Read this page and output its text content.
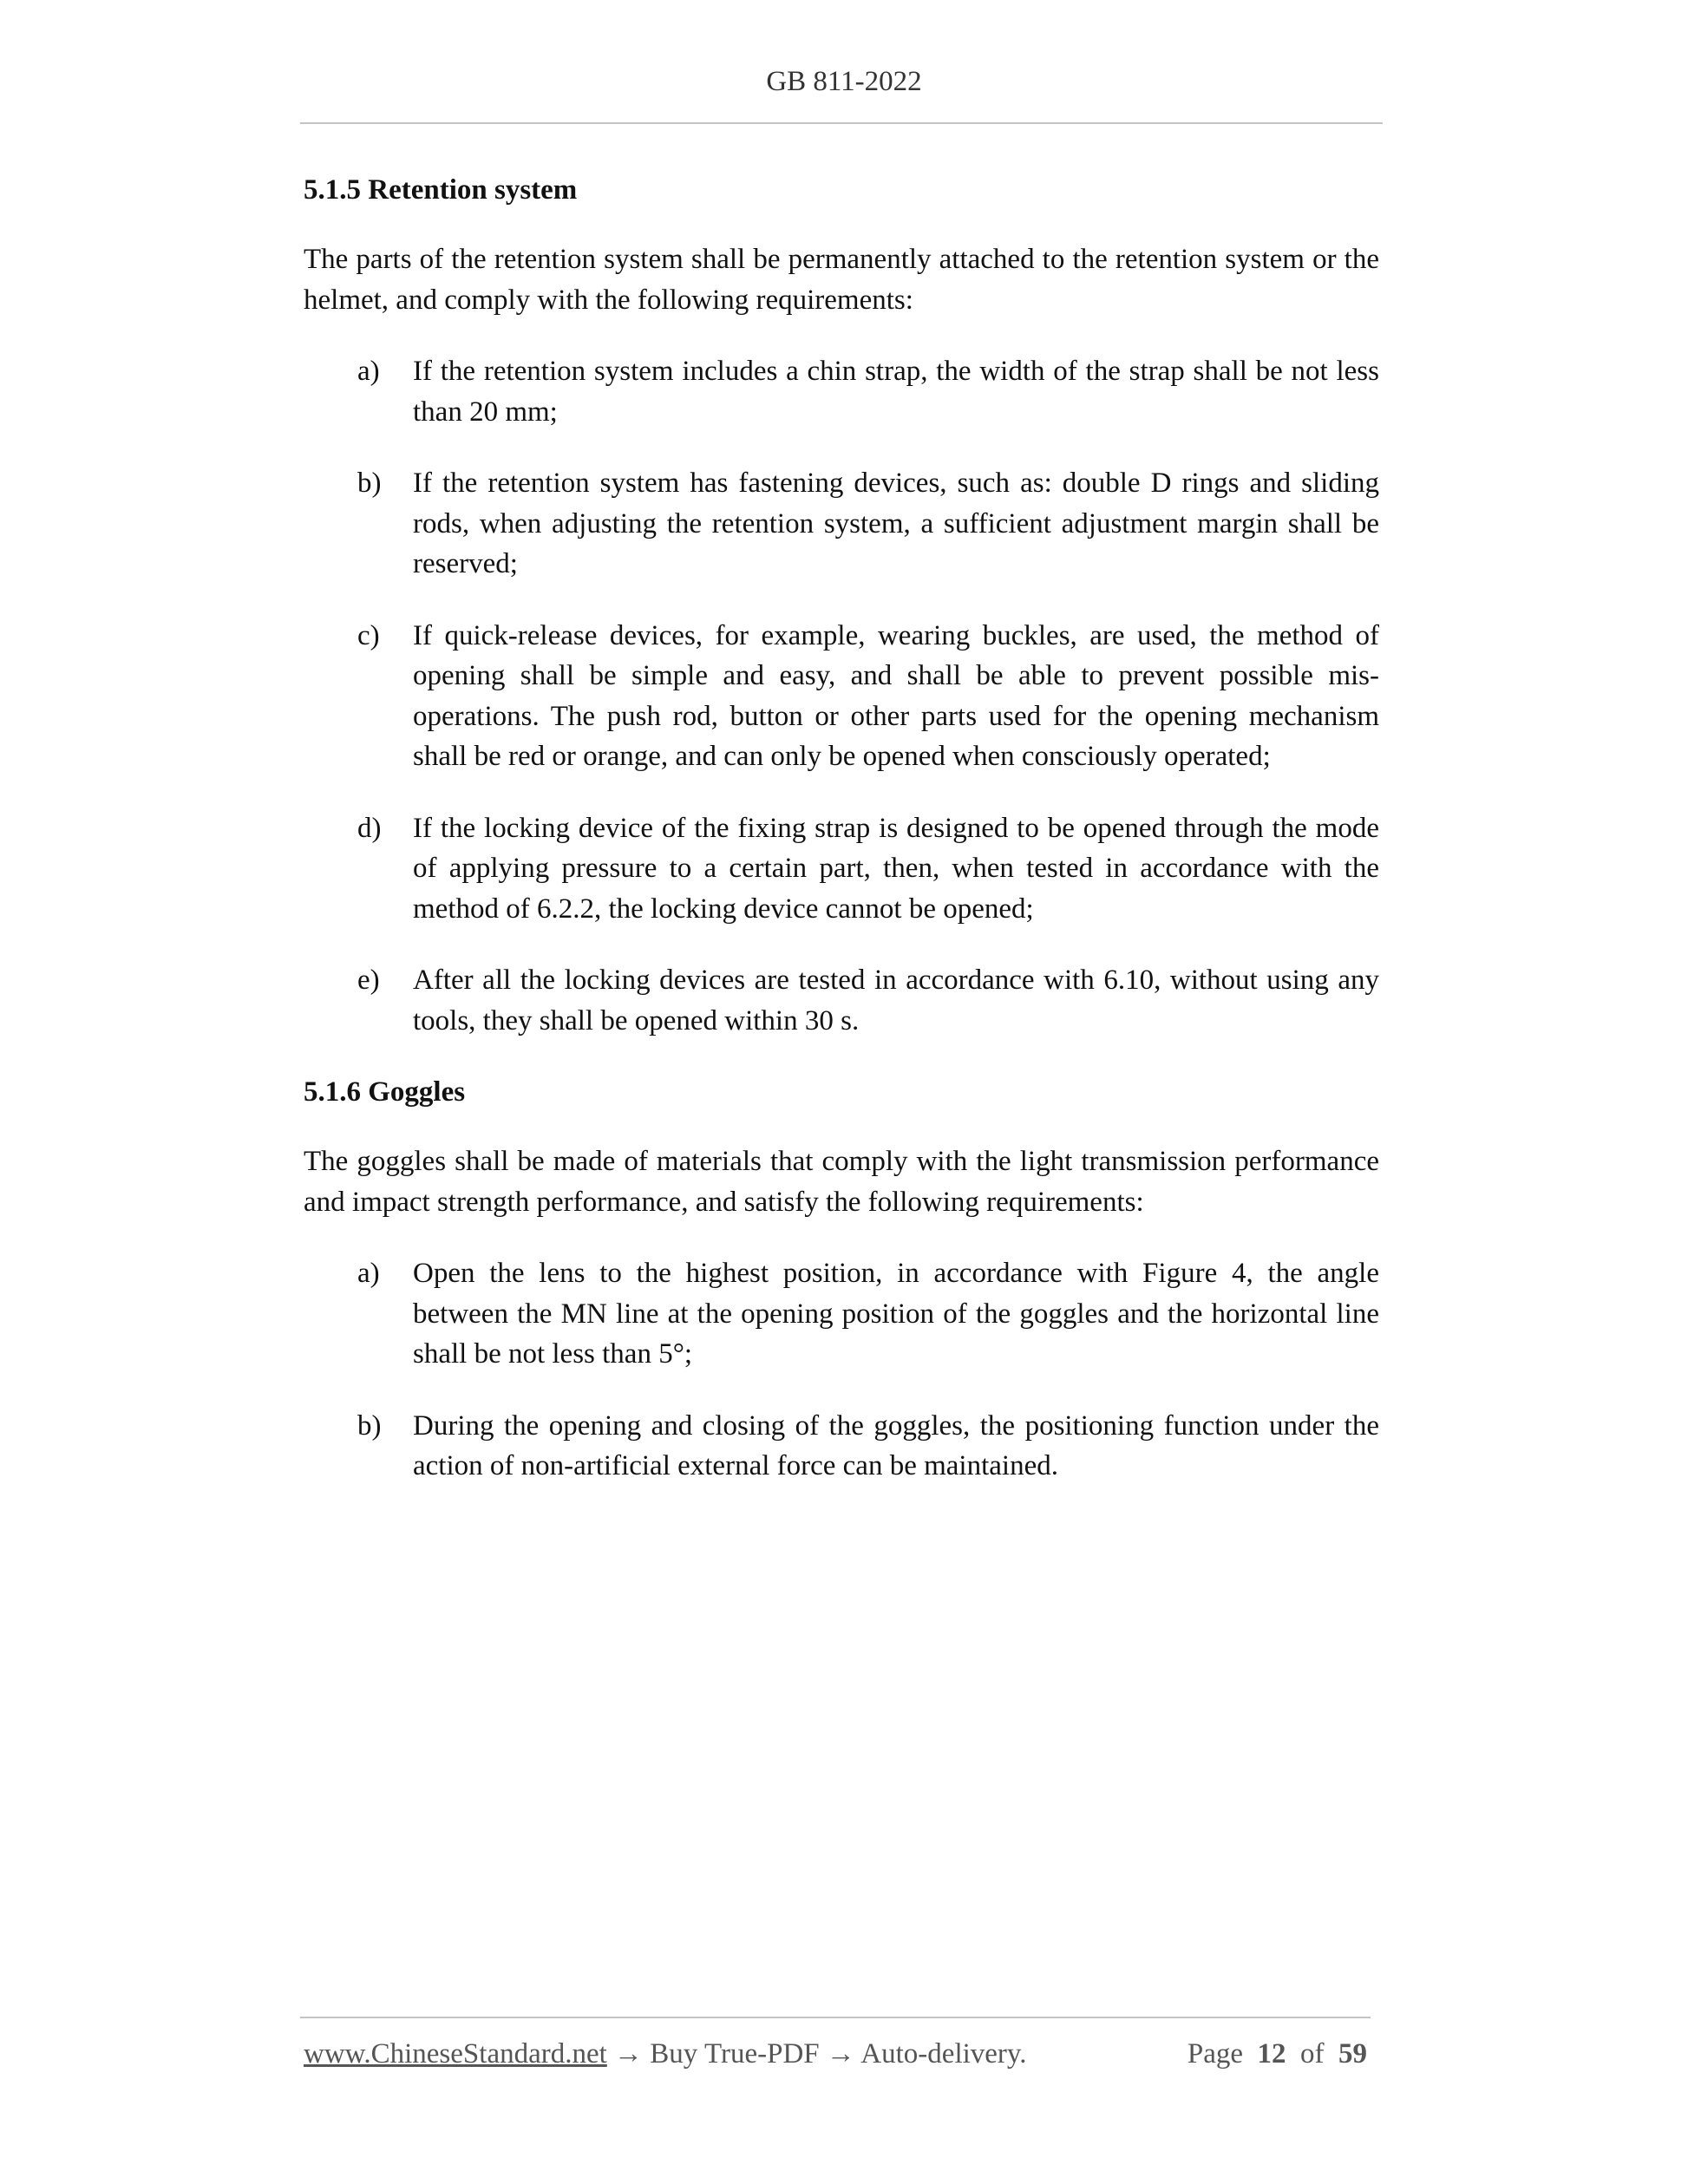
GB 811-2022
5.1.5 Retention system
The parts of the retention system shall be permanently attached to the retention system or the helmet, and comply with the following requirements:
a)	If the retention system includes a chin strap, the width of the strap shall be not less than 20 mm;
b)	If the retention system has fastening devices, such as: double D rings and sliding rods, when adjusting the retention system, a sufficient adjustment margin shall be reserved;
c)	If quick-release devices, for example, wearing buckles, are used, the method of opening shall be simple and easy, and shall be able to prevent possible mis-operations. The push rod, button or other parts used for the opening mechanism shall be red or orange, and can only be opened when consciously operated;
d)	If the locking device of the fixing strap is designed to be opened through the mode of applying pressure to a certain part, then, when tested in accordance with the method of 6.2.2, the locking device cannot be opened;
e)	After all the locking devices are tested in accordance with 6.10, without using any tools, they shall be opened within 30 s.
5.1.6 Goggles
The goggles shall be made of materials that comply with the light transmission performance and impact strength performance, and satisfy the following requirements:
a)	Open the lens to the highest position, in accordance with Figure 4, the angle between the MN line at the opening position of the goggles and the horizontal line shall be not less than 5°;
b)	During the opening and closing of the goggles, the positioning function under the action of non-artificial external force can be maintained.
www.ChineseStandard.net → Buy True-PDF → Auto-delivery.	Page 12 of 59
